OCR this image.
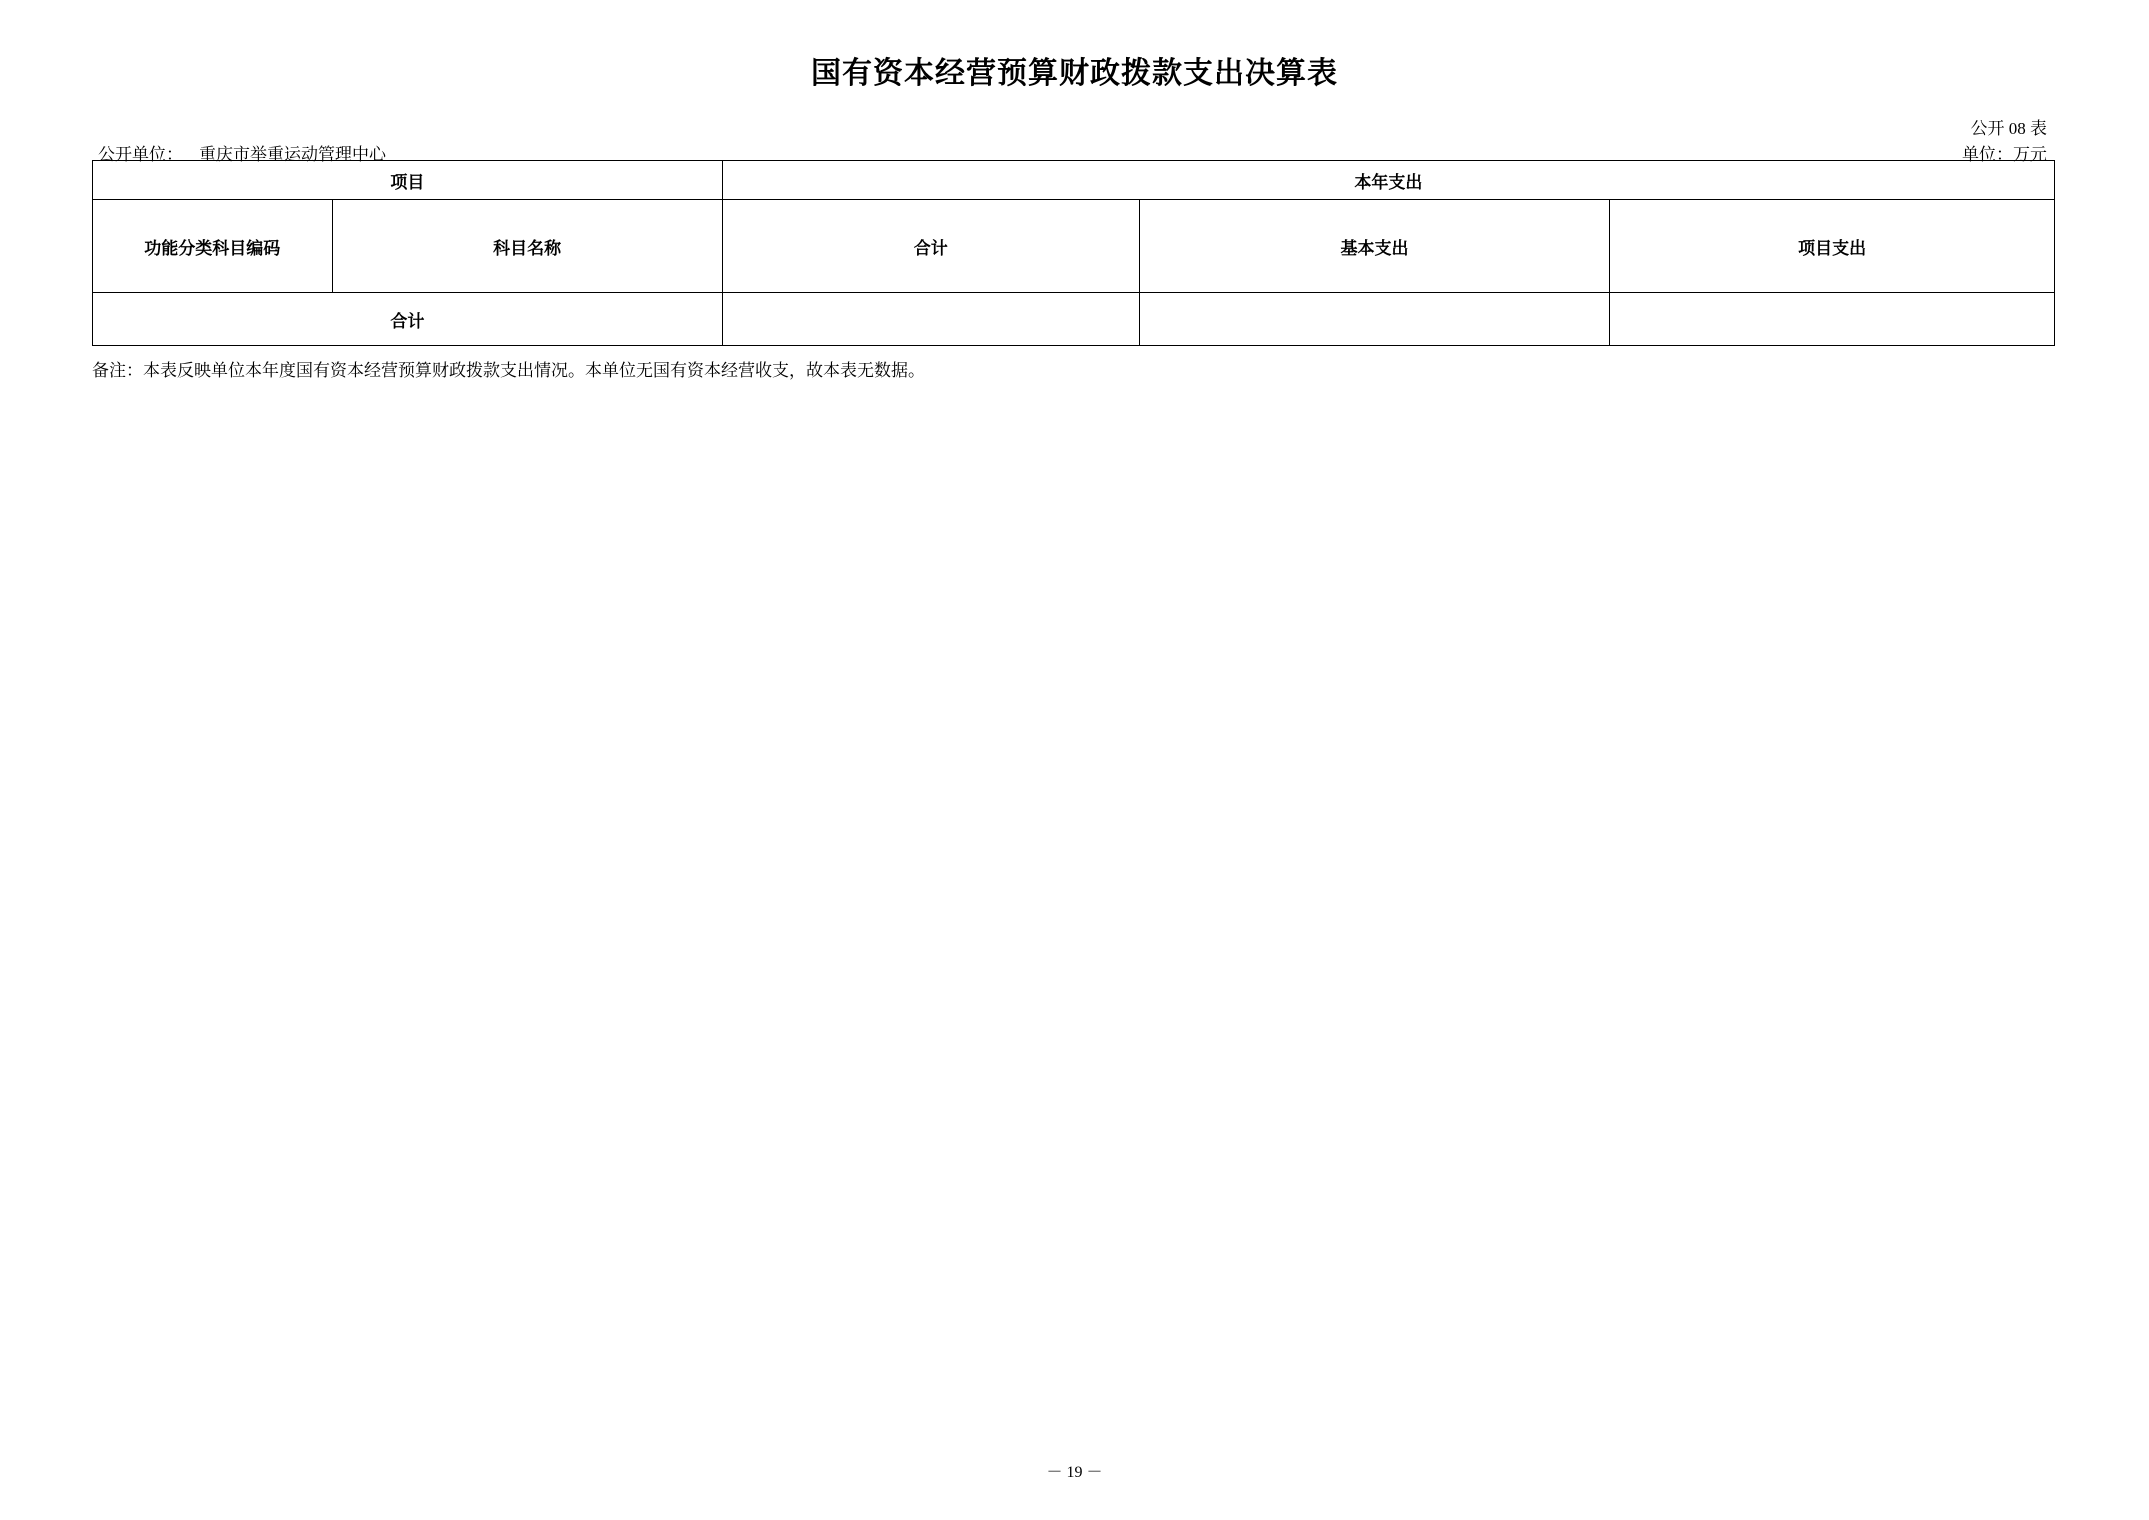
国有资本经营预算财政拨款支出决算表
公开 08 表
单位：万元
公开单位： 重庆市举重运动管理中心
项目		本年支出		
功能分类科目编码	科目名称	合计	基本支出	项目支出
合计				
备注：本表反映单位本年度国有资本经营预算财政拨款支出情况。本单位无国有资本经营收支，故本表无数据。
－ 19 －
